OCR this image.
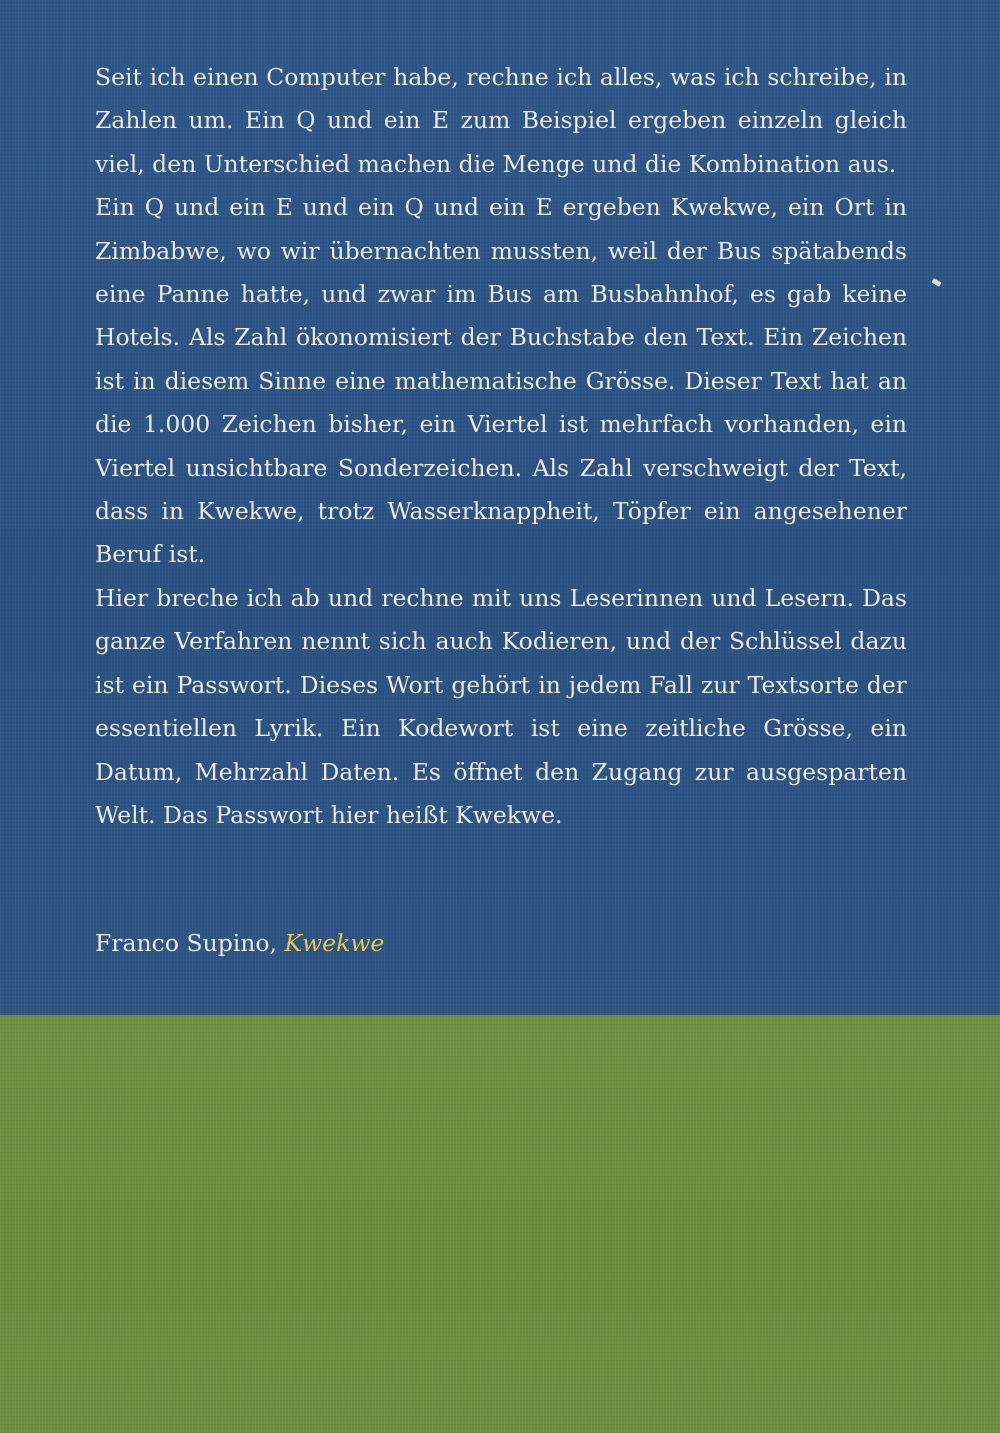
Seit ich einen Computer habe, rechne ich alles, was ich schreibe, in Zahlen um. Ein Q und ein E zum Beispiel ergeben einzeln gleich viel, den Unterschied machen die Menge und die Kombination aus.

Ein Q und ein E und ein Q und ein E ergeben Kwekwe, ein Ort in Zimbabwe, wo wir übernachten mussten, weil der Bus spätabends eine Panne hatte, und zwar im Bus am Busbahnhof, es gab keine Hotels. Als Zahl ökonomisiert der Buchstabe den Text. Ein Zeichen ist in diesem Sinne eine mathematische Grösse. Dieser Text hat an die 1.000 Zeichen bisher, ein Viertel ist mehrfach vorhanden, ein Viertel unsichtbare Sonderzeichen. Als Zahl verschweigt der Text, dass in Kwekwe, trotz Wasserknappheit, Töpfer ein angesehener Beruf ist.

Hier breche ich ab und rechne mit uns Leserinnen und Lesern. Das ganze Verfahren nennt sich auch Kodieren, und der Schlüssel dazu ist ein Passwort. Dieses Wort gehört in jedem Fall zur Textsorte der essentiellen Lyrik. Ein Kodewort ist eine zeitliche Grösse, ein Datum, Mehrzahl Daten. Es öffnet den Zugang zur ausgesparten Welt. Das Passwort hier heißt Kwekwe.

Franco Supino, Kwekwe
